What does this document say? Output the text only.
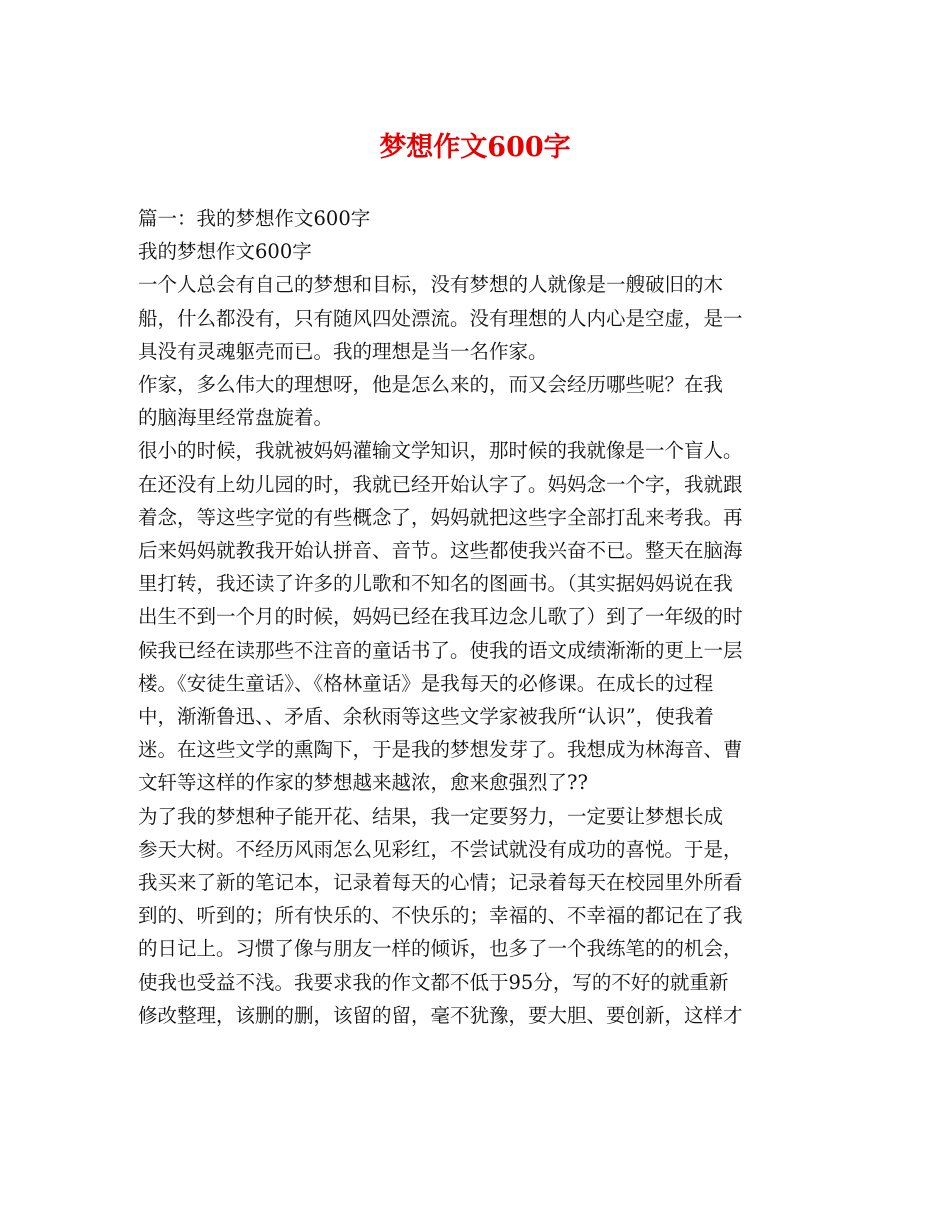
梦想作文600字
篇一：我的梦想作文600字
我的梦想作文600字
一个人总会有自己的梦想和目标，没有梦想的人就像是一艘破旧的木
船，什么都没有，只有随风四处漂流。没有理想的人内心是空虚，是一
具没有灵魂躯壳而已。我的理想是当一名作家。
作家，多么伟大的理想呀，他是怎么来的，而又会经历哪些呢？在我
的脑海里经常盘旋着。
很小的时候，我就被妈妈灌输文学知识，那时候的我就像是一个盲人。
在还没有上幼儿园的时，我就已经开始认字了。妈妈念一个字，我就跟
着念，等这些字觉的有些概念了，妈妈就把这些字全部打乱来考我。再
后来妈妈就教我开始认拼音、音节。这些都使我兴奋不已。整天在脑海
里打转，我还读了许多的儿歌和不知名的图画书。（其实据妈妈说在我
出生不到一个月的时候，妈妈已经在我耳边念儿歌了）到了一年级的时
候我已经在读那些不注音的童话书了。使我的语文成绩渐渐的更上一层
楼。《安徒生童话》、《格林童话》是我每天的必修课。在成长的过程
中，渐渐鲁迅、、矛盾、余秋雨等这些文学家被我所“认识”，使我着
迷。在这些文学的熏陶下，于是我的梦想发芽了。我想成为林海音、曹
文轩等这样的作家的梦想越来越浓，愈来愈强烈了??
为了我的梦想种子能开花、结果，我一定要努力，一定要让梦想长成
参天大树。不经历风雨怎么见彩红，不尝试就没有成功的喜悦。于是，
我买来了新的笔记本，记录着每天的心情；记录着每天在校园里外所看
到的、听到的；所有快乐的、不快乐的；幸福的、不幸福的都记在了我
的日记上。习惯了像与朋友一样的倾诉，也多了一个我练笔的的机会，
使我也受益不浅。我要求我的作文都不低于95分，写的不好的就重新
修改整理，该删的删，该留的留，毫不犹豫，要大胆、要创新，这样才
